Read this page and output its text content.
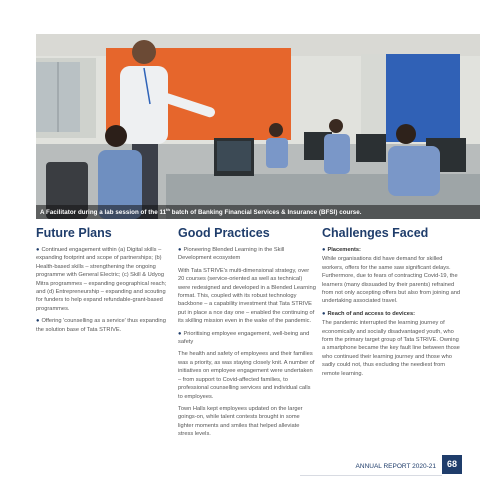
A Facilitator during a lab session of the 11th batch of Banking Financial Services & Insurance (BFSI) course.
Future Plans

● Continued engagement within (a) Digital skills – expanding footprint and scope of partnerships; (b) Health-based skills – strengthening the ongoing programme with General Electric; (c) Skill & Udyog Mitra programmes – expanding geographical reach; and (d) Entrepreneurship – expanding and scouting for funders to help expand refundable-grant-based programmes.

● Offering 'counselling as a service' thus expanding the solution base of Tata STRIVE.

Good Practices

● Pioneering Blended Learning in the Skill Development ecosystem

With Tata STRIVE's multi-dimensional strategy, over 20 courses (service-oriented as well as technical) were redesigned and developed in a Blended Learning format. This, coupled with its robust technology backbone – a capability investment that Tata STRIVE put in place a nce day one – enabled the continuing of its skilling mission even in the wake of the pandemic.

● Prioritising employee engagement, well-being and safety

The health and safety of employees and their families was a priority, as was staying closely knit. A number of initiatives on employee engagement were undertaken – from support to Covid-affected families, to professional counselling services and individual calls to employees.

Town Halls kept employees updated on the larger goings-on, while talent contests brought in some lighter moments and smiles that helped alleviate stress levels.

Challenges Faced

● Placements:

While organisations did have demand for skilled workers, offers for the same saw significant delays. Furthermore, due to fears of contracting Covid-19, the learners (many dissuaded by their parents) refrained from not only accepting offers but also from joining and undertaking associated travel.

● Reach of and access to devices:

The pandemic interrupted the learning journey of economically and socially disadvantaged youth, who form the primary target group of Tata STRIVE. Owning a smartphone became the key fault line between those who continued their learning journey and those who sadly could not, thus excluding the neediest from remote learning.

ANNUAL REPORT 2020-21	68
